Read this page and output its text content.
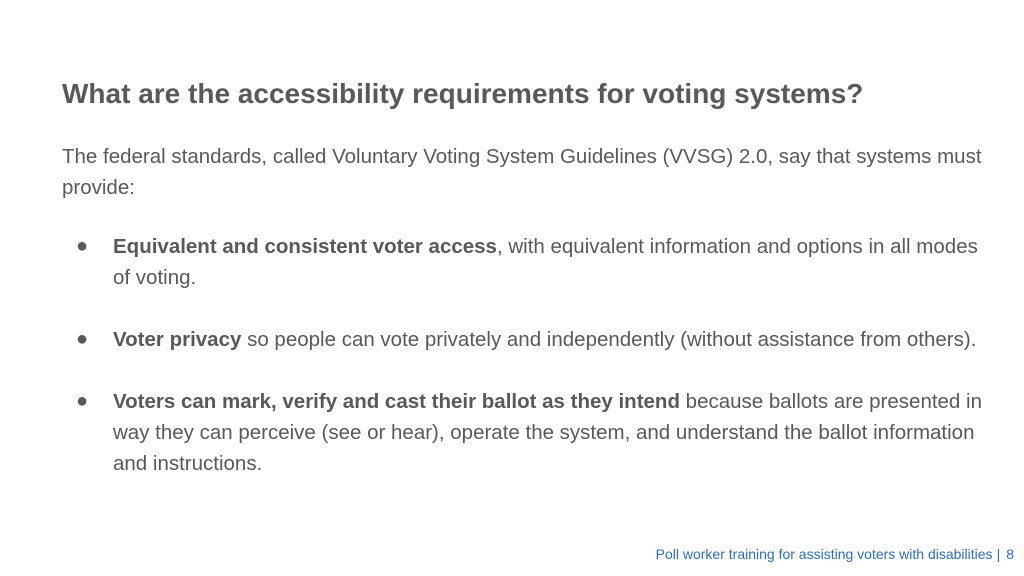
What are the accessibility requirements for voting systems?

The federal standards, called Voluntary Voting System Guidelines (VVSG) 2.0, say that systems must provide:

● Equivalent and consistent voter access, with equivalent information and options in all modes of voting.
● Voter privacy so people can vote privately and independently (without assistance from others).
● Voters can mark, verify and cast their ballot as they intend because ballots are presented in way they can perceive (see or hear), operate the system, and understand the ballot information and instructions.
Poll worker training for assisting voters with disabilities | 8
